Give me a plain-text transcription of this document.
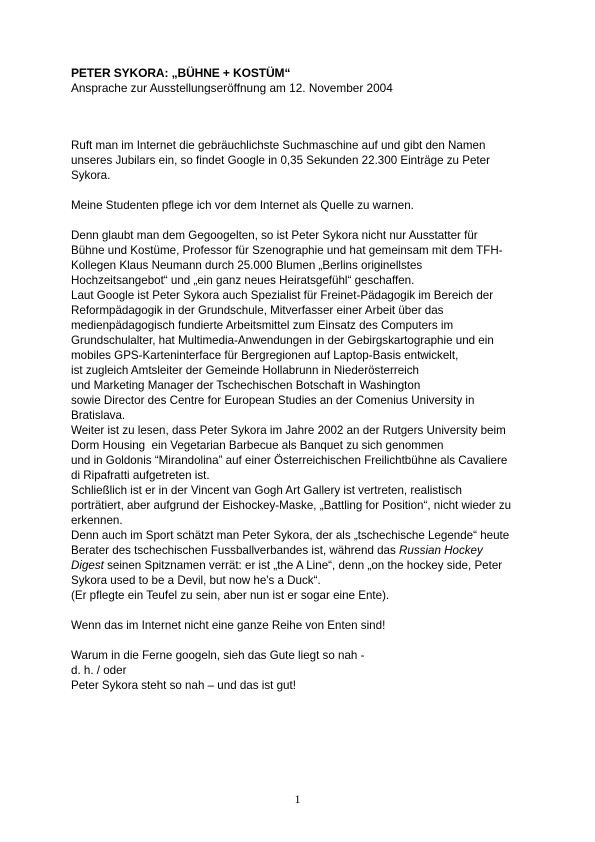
PETER SYKORA: „BÜHNE + KOSTÜM“
Ansprache zur Ausstellungseröffnung am 12. November 2004

Ruft man im Internet die gebräuchlichste Suchmaschine auf und gibt den Namen
unseres Jubilars ein, so findet Google in 0,35 Sekunden 22.300 Einträge zu Peter
Sykora.

Meine Studenten pflege ich vor dem Internet als Quelle zu warnen.

Denn glaubt man dem Gegoogelten, so ist Peter Sykora nicht nur Ausstatter für
Bühne und Kostüme, Professor für Szenographie und hat gemeinsam mit dem TFH-
Kollegen Klaus Neumann durch 25.000 Blumen „Berlins originellstes
Hochzeitsangebot“ und „ein ganz neues Heiratsgefühl“ geschaffen.
Laut Google ist Peter Sykora auch Spezialist für Freinet-Pädagogik im Bereich der
Reformpädagogik in der Grundschule, Mitverfasser einer Arbeit über das
medienpädagogisch fundierte Arbeitsmittel zum Einsatz des Computers im
Grundschulalter, hat Multimedia-Anwendungen in der Gebirgskartographie und ein
mobiles GPS-Karteninterface für Bergregionen auf Laptop-Basis entwickelt,
ist zugleich Amtsleiter der Gemeinde Hollabrunn in Niederösterreich
und Marketing Manager der Tschechischen Botschaft in Washington
sowie Director des Centre for European Studies an der Comenius University in
Bratislava.
Weiter ist zu lesen, dass Peter Sykora im Jahre 2002 an der Rutgers University beim
Dorm Housing  ein Vegetarian Barbecue als Banquet zu sich genommen
und in Goldonis “Mirandolina” auf einer Österreichischen Freilichtbühne als Cavaliere
di Ripafratti aufgetreten ist.
Schließlich ist er in der Vincent van Gogh Art Gallery ist vertreten, realistisch
porträtiert, aber aufgrund der Eishockey-Maske, „Battling for Position“, nicht wieder zu
erkennen.
Denn auch im Sport schätzt man Peter Sykora, der als „tschechische Legende“ heute
Berater des tschechischen Fussballverbandes ist, während das Russian Hockey
Digest seinen Spitznamen verrät: er ist „the A Line“, denn „on the hockey side, Peter
Sykora used to be a Devil, but now he's a Duck“.
(Er pflegte ein Teufel zu sein, aber nun ist er sogar eine Ente).

Wenn das im Internet nicht eine ganze Reihe von Enten sind!

Warum in die Ferne googeln, sieh das Gute liegt so nah -
d. h. / oder
Peter Sykora steht so nah – und das ist gut!

1
